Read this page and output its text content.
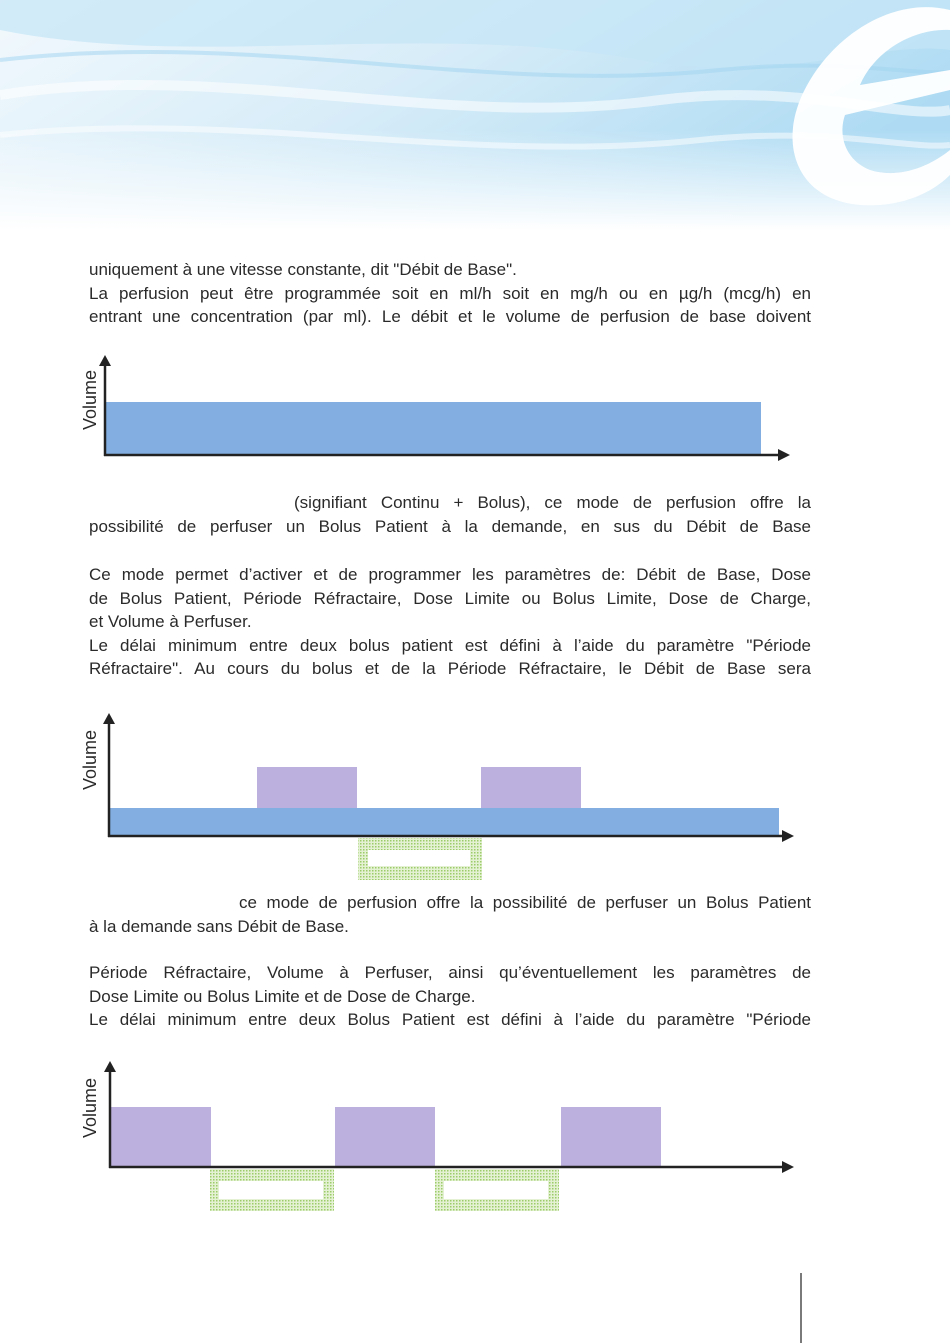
uniquement à une vitesse constante, dit "Débit de Base".
La perfusion peut être programmée soit en ml/h soit en mg/h ou en µg/h (mcg/h) en
entrant une concentration (par ml). Le débit et le volume de perfusion de base doivent

Volume

(signifiant Continu + Bolus), ce mode de perfusion offre la
possibilité de perfuser un Bolus Patient à la demande, en sus du Débit de Base

Ce mode permet d’activer et de programmer les paramètres de: Débit de Base, Dose
de Bolus Patient, Période Réfractaire, Dose Limite ou Bolus Limite, Dose de Charge,
et Volume à Perfuser.
Le délai minimum entre deux bolus patient est défini à l’aide du paramètre "Période
Réfractaire". Au cours du bolus et de la Période Réfractaire, le Débit de Base sera

Volume

ce mode de perfusion offre la possibilité de perfuser un Bolus Patient
à la demande sans Débit de Base.

Période Réfractaire, Volume à Perfuser, ainsi qu’éventuellement les paramètres de
Dose Limite ou Bolus Limite et de Dose de Charge.
Le délai minimum entre deux Bolus Patient est défini à l’aide du paramètre "Période

Volume
